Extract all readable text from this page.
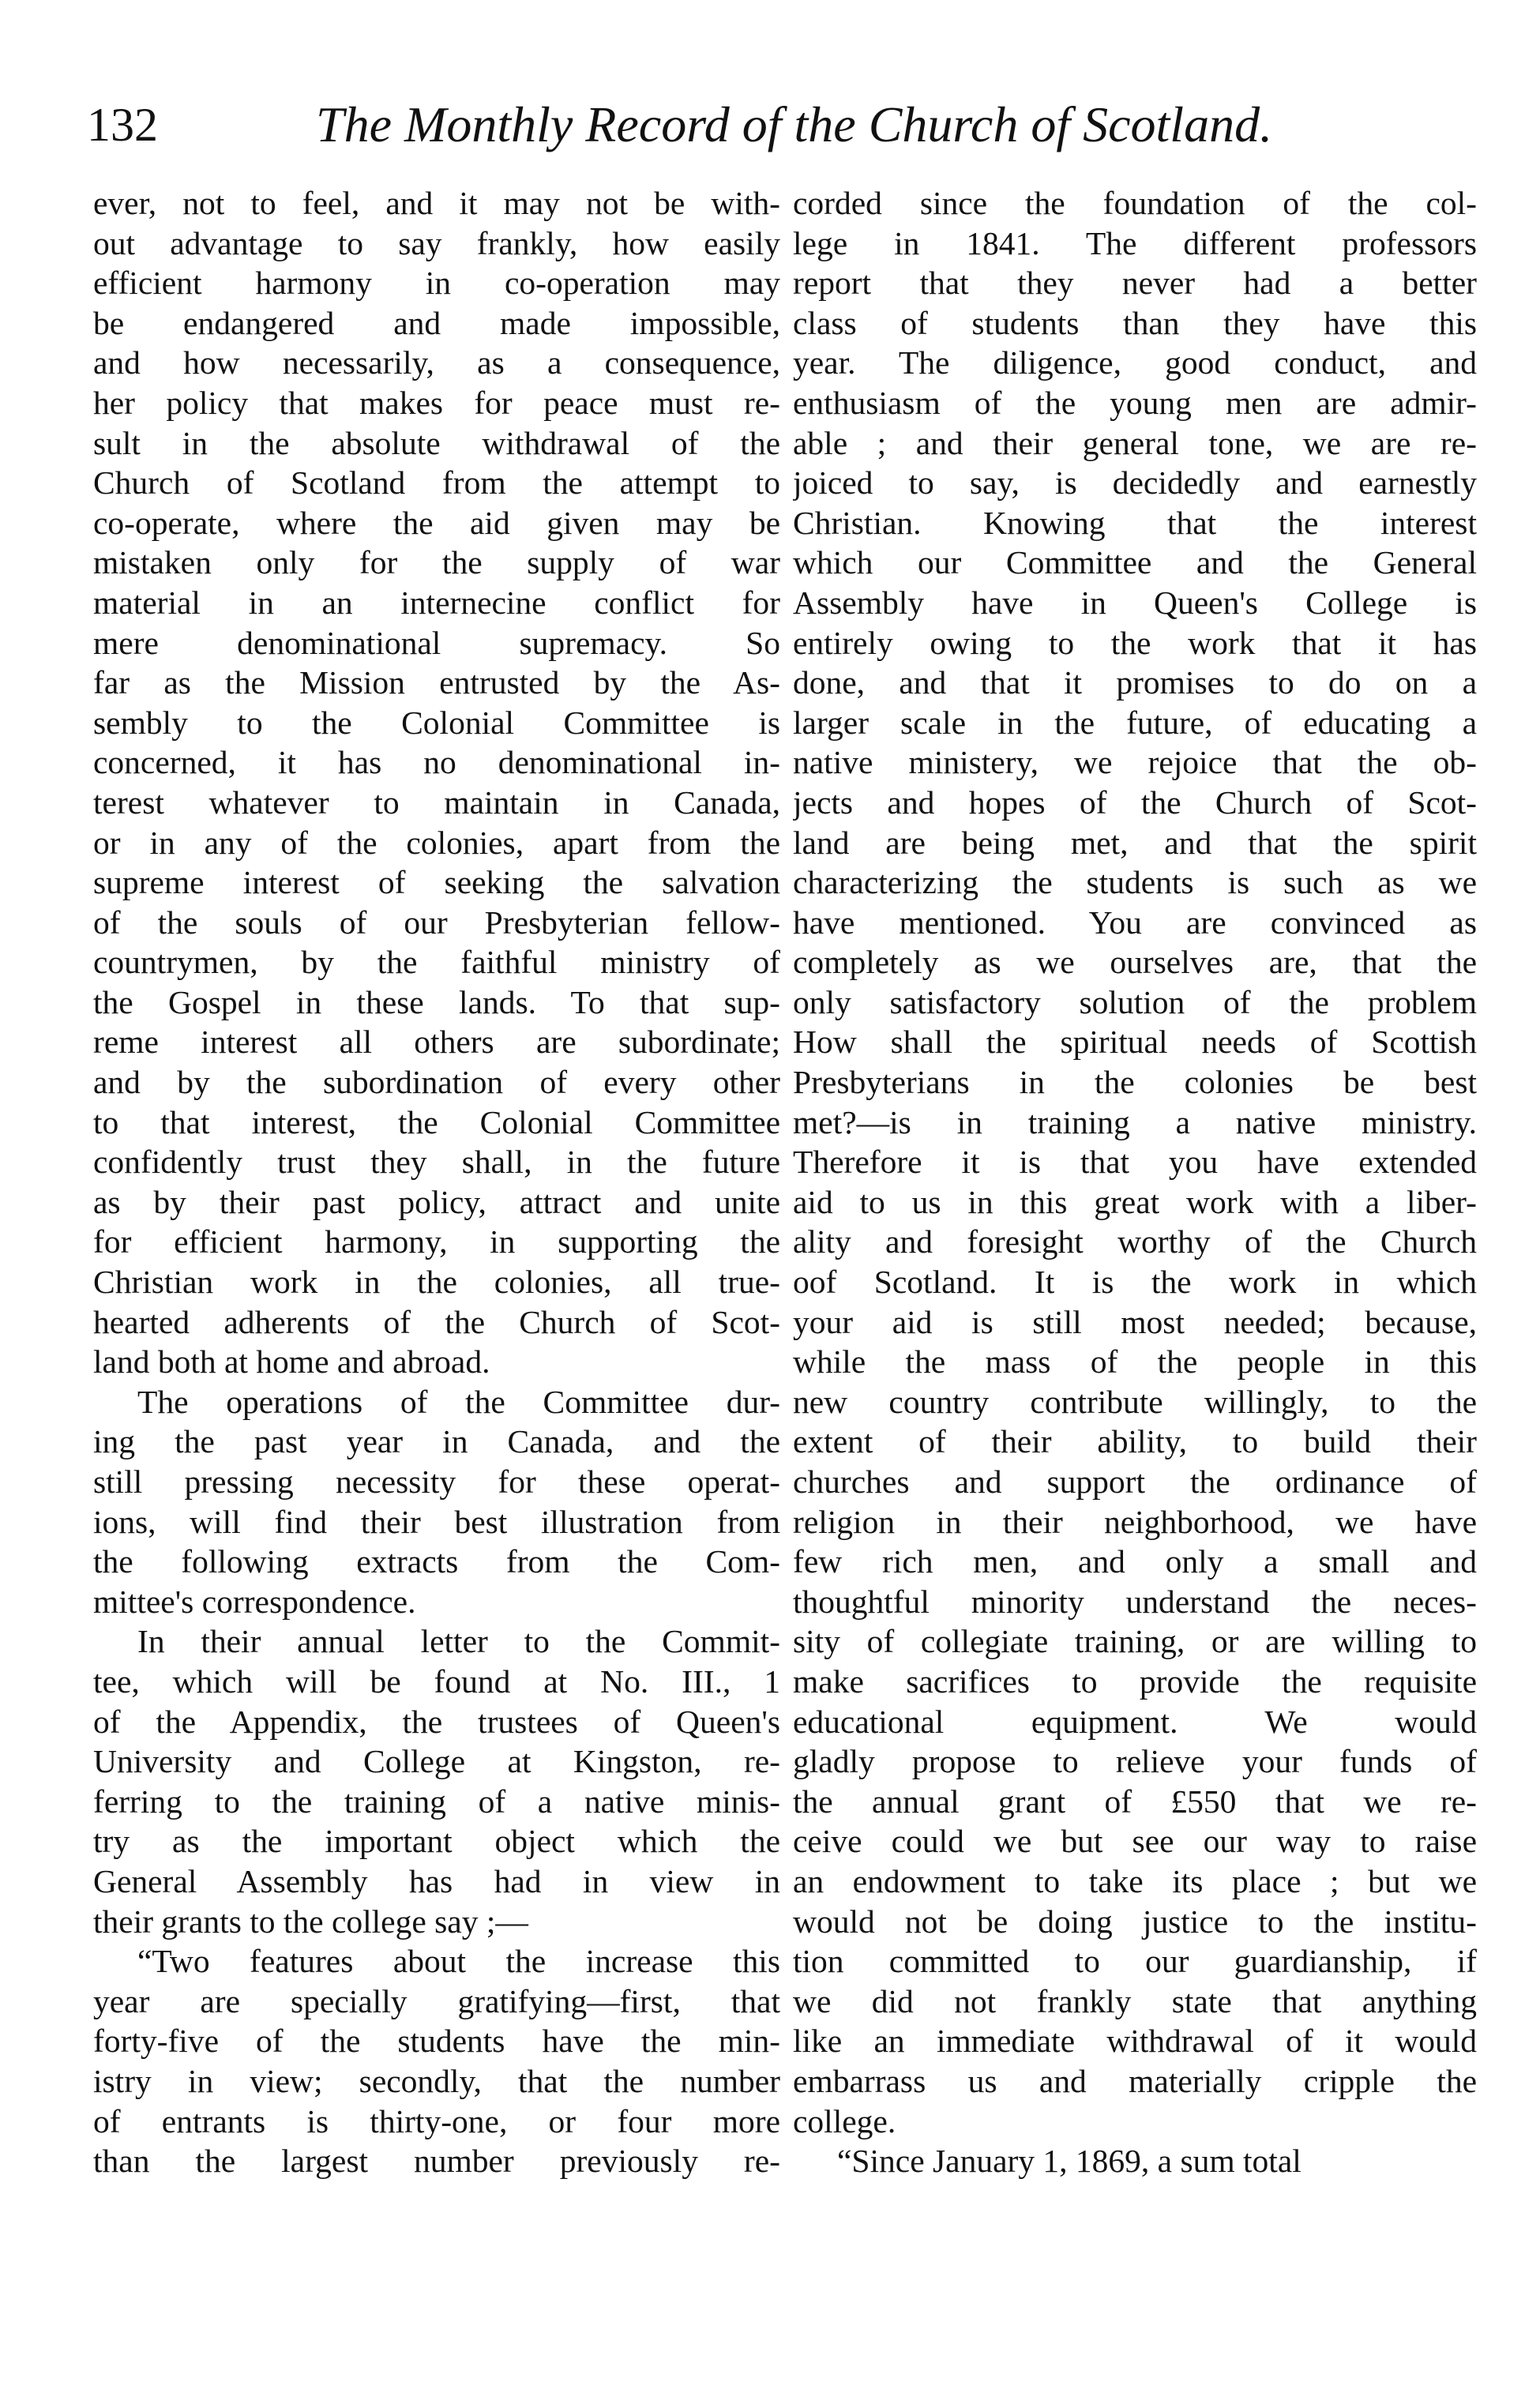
132	The Monthly Record of the Church of Scotland.
ever, not to feel, and it may not be with-
out advantage to say frankly, how easily
efficient harmony in co-operation may
be endangered and made impossible,
and how necessarily, as a consequence,
her policy that makes for peace must re-
sult in the absolute withdrawal of the
Church of Scotland from the attempt to
co-operate, where the aid given may be
mistaken only for the supply of war
material in an internecine conflict for
mere denominational supremacy. So
far as the Mission entrusted by the As-
sembly to the Colonial Committee is
concerned, it has no denominational in-
terest whatever to maintain in Canada,
or in any of the colonies, apart from the
supreme interest of seeking the salvation
of the souls of our Presbyterian fellow-
countrymen, by the faithful ministry of
the Gospel in these lands. To that sup-
reme interest all others are subordinate;
and by the subordination of every other
to that interest, the Colonial Committee
confidently trust they shall, in the future
as by their past policy, attract and unite
for efficient harmony, in supporting the
Christian work in the colonies, all true-
hearted adherents of the Church of Scot-
land both at home and abroad.
The operations of the Committee dur-
ing the past year in Canada, and the
still pressing necessity for these operat-
ions, will find their best illustration from
the following extracts from the Com-
mittee's correspondence.
In their annual letter to the Commit-
tee, which will be found at No. III., 1
of the Appendix, the trustees of Queen's
University and College at Kingston, re-
ferring to the training of a native minis-
try as the important object which the
General Assembly has had in view in
their grants to the college say ;—
“Two features about the increase this
year are specially gratifying—first, that
forty-five of the students have the min-
istry in view; secondly, that the number
of entrants is thirty-one, or four more
than the largest number previously re-
corded since the foundation of the col-
lege in 1841. The different professors
report that they never had a better
class of students than they have this
year. The diligence, good conduct, and
enthusiasm of the young men are admir-
able ; and their general tone, we are re-
joiced to say, is decidedly and earnestly
Christian. Knowing that the interest
which our Committee and the General
Assembly have in Queen's College is
entirely owing to the work that it has
done, and that it promises to do on a
larger scale in the future, of educating a
native ministery, we rejoice that the ob-
jects and hopes of the Church of Scot-
land are being met, and that the spirit
characterizing the students is such as we
have mentioned. You are convinced as
completely as we ourselves are, that the
only satisfactory solution of the problem
How shall the spiritual needs of Scottish
Presbyterians in the colonies be best
met?—is in training a native ministry.
Therefore it is that you have extended
aid to us in this great work with a liber-
ality and foresight worthy of the Church
oof Scotland. It is the work in which
your aid is still most needed; because,
while the mass of the people in this
new country contribute willingly, to the
extent of their ability, to build their
churches and support the ordinance of
religion in their neighborhood, we have
few rich men, and only a small and
thoughtful minority understand the neces-
sity of collegiate training, or are willing to
make sacrifices to provide the requisite
educational equipment. We would
gladly propose to relieve your funds of
the annual grant of £550 that we re-
ceive could we but see our way to raise
an endowment to take its place ; but we
would not be doing justice to the institu-
tion committed to our guardianship, if
we did not frankly state that anything
like an immediate withdrawal of it would
embarrass us and materially cripple the
college.
“Since January 1, 1869, a sum total
